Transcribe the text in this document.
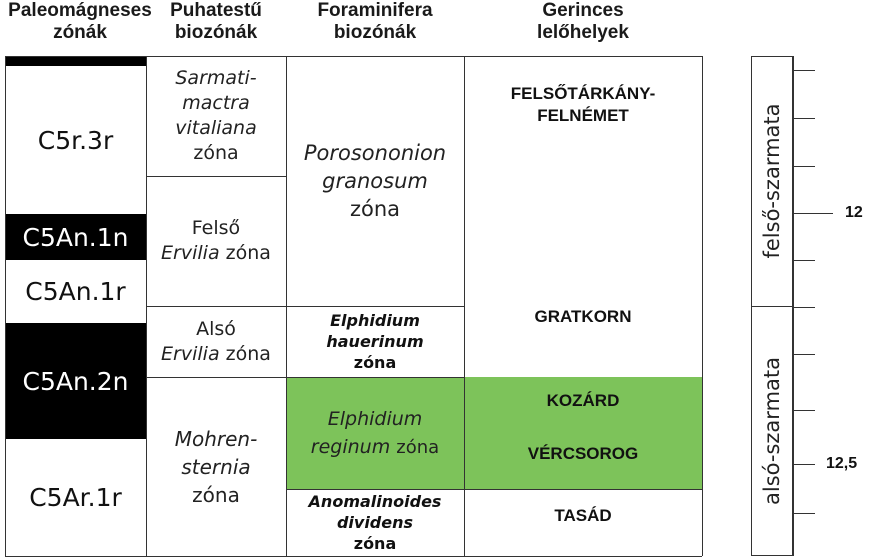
Paleomágneses
zónák
Puhatestű
biozónák
Foraminifera
biozónák
Gerinces
lelőhelyek
C5r.3r
C5An.1n
C5An.1r
C5An.2n
C5Ar.1r
Sarmati-
mactra
vitaliana
zóna
Felső
Ervilia zóna
Alsó
Ervilia zóna
Mohren-
sternia
zóna
Porosononion
granosum
zóna
Elphidium
hauerinum
zóna
Elphidium
reginum zóna
Anomalinoides
dividens
zóna
FELSŐTÁRKÁNY-
FELNÉMET
GRATKORN
KOZÁRD
VÉRCSOROG
TASÁD
felső-szarmata
alsó-szarmata
12
12,5
